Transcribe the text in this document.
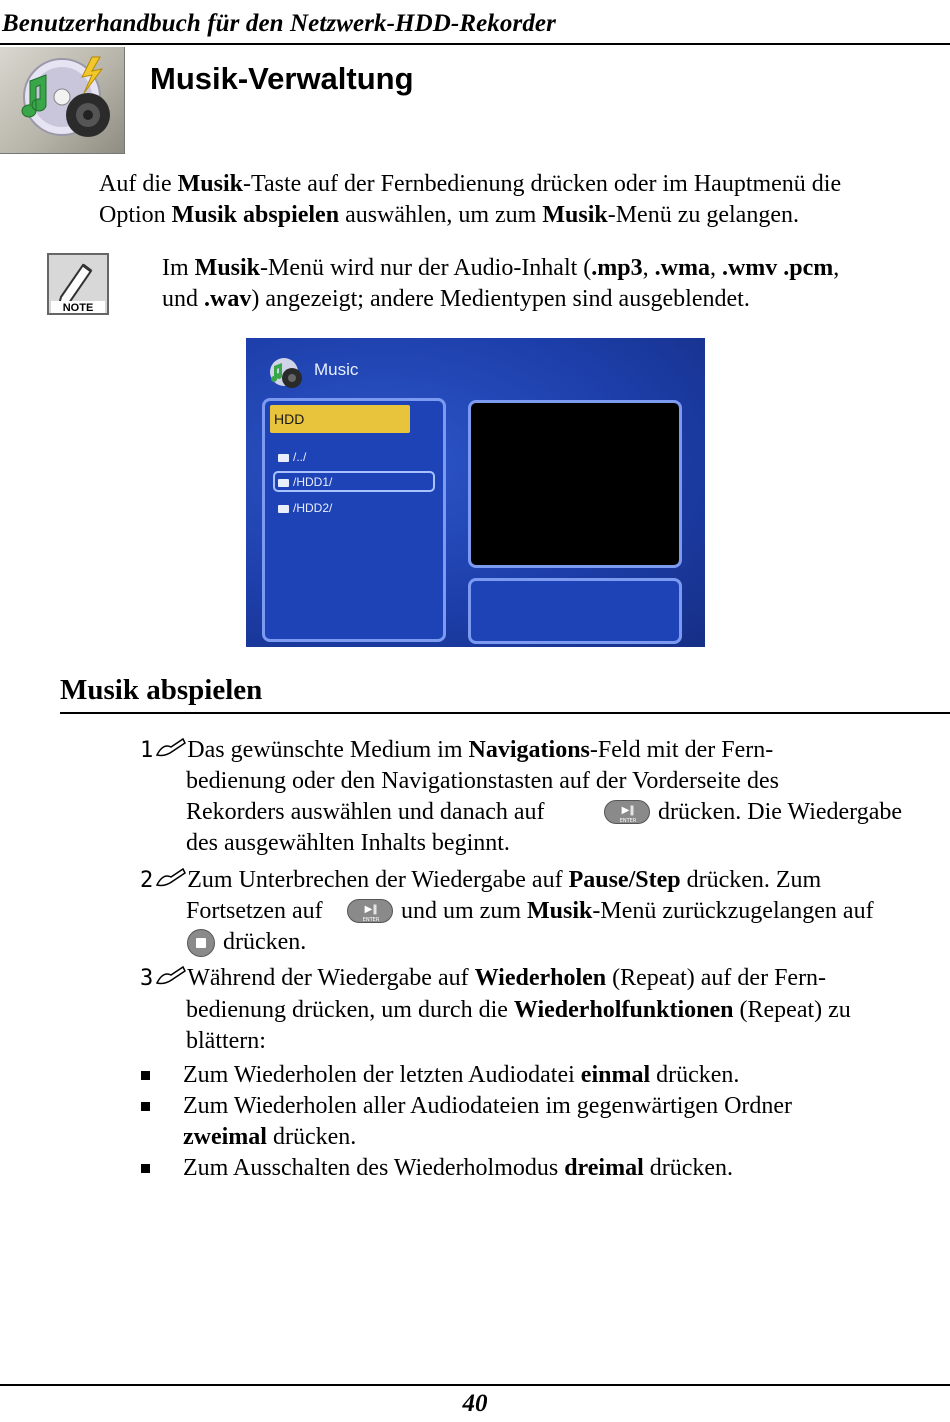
Benutzerhandbuch für den Netzwerk-HDD-Rekorder
Musik-Verwaltung
Auf die Musik-Taste auf der Fernbedienung drücken oder im Hauptmenü die
Option Musik abspielen auswählen, um zum Musik-Menü zu gelangen.
NOTE
Im Musik-Menü wird nur der Audio-Inhalt (.mp3, .wma, .wmv .pcm,
und .wav) angezeigt; andere Medientypen sind ausgeblendet.
Music
HDD
/../
/HDD1/
/HDD2/
Musik abspielen
1 Das gewünschte Medium im Navigations-Feld mit der Fern-
bedienung oder den Navigationstasten auf der Vorderseite des
Rekorders auswählen und danach auf	▶‖
ENTER drücken. Die Wiedergabe
des ausgewählten Inhalts beginnt.
2 Zum Unterbrechen der Wiedergabe auf Pause/Step drücken. Zum
Fortsetzen auf	▶‖
ENTER und um zum Musik-Menü zurückzugelangen auf
drücken.
3 Während der Wiedergabe auf Wiederholen (Repeat) auf der Fern-
bedienung drücken, um durch die Wiederholfunktionen (Repeat) zu
blättern:
Zum Wiederholen der letzten Audiodatei einmal drücken.
Zum Wiederholen aller Audiodateien im gegenwärtigen Ordner
zweimal drücken.
Zum Ausschalten des Wiederholmodus dreimal drücken.
40
